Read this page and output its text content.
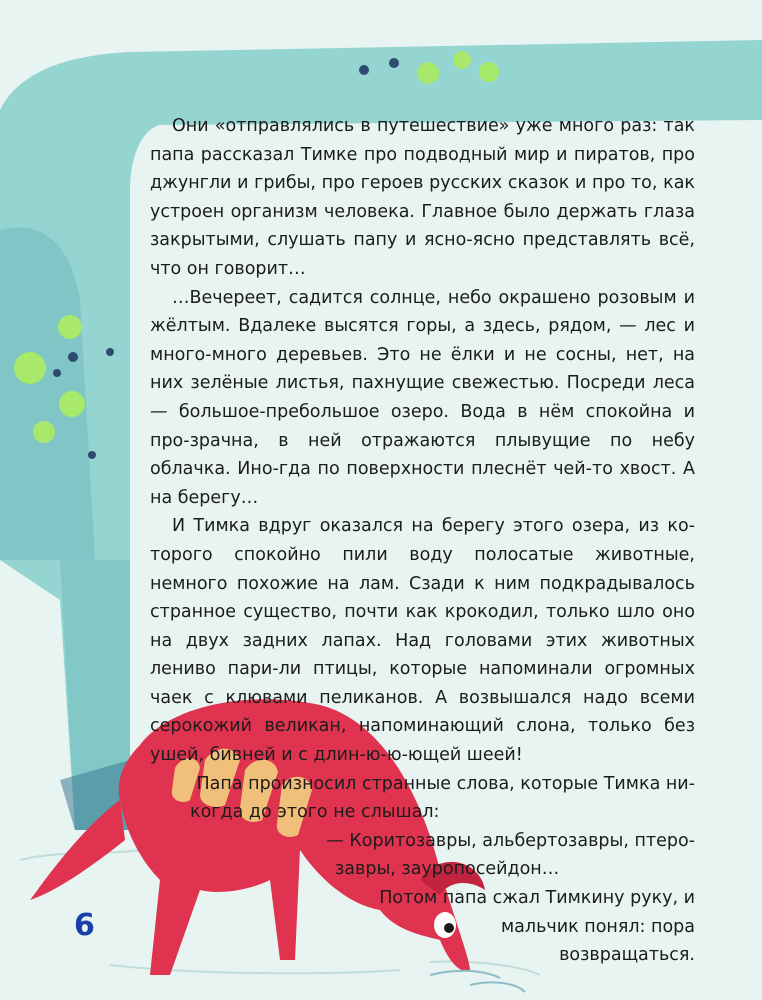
Они «отправлялись в путешествие» уже много раз: так папа рассказал Тимке про подводный мир и пиратов, про джунгли и грибы, про героев русских сказок и про то, как устроен организм человека. Главное было держать глаза закрытыми, слушать папу и ясно-ясно представлять всё, что он говорит…

…Вечереет, садится солнце, небо окрашено розовым и жёлтым. Вдалеке высятся горы, а здесь, рядом, — лес и много-много деревьев. Это не ёлки и не сосны, нет, на них зелёные листья, пахнущие свежестью. Посреди леса — большое-пребольшое озеро. Вода в нём спокойна и про-зрачна, в ней отражаются плывущие по небу облачка. Ино-гда по поверхности плеснёт чей-то хвост. А на берегу…

И Тимка вдруг оказался на берегу этого озера, из ко-торого спокойно пили воду полосатые животные, немного похожие на лам. Сзади к ним подкрадывалось странное существо, почти как крокодил, только шло оно на двух задних лапах. Над головами этих животных лениво пари-ли птицы, которые напоминали огромных чаек с клювами пеликанов. А возвышался надо всеми серокожий великан, напоминающий слона, только без ушей, бивней и с длин-ю-ю-ющей шеей!

Папа произносил странные слова, которые Тимка ни-

когда до этого не слышал:

— Коритозавры, альбертозавры, птеро-

завры, зауропосейдон…

Потом папа сжал Тимкину руку, и

мальчик понял: пора возвращаться.

6
